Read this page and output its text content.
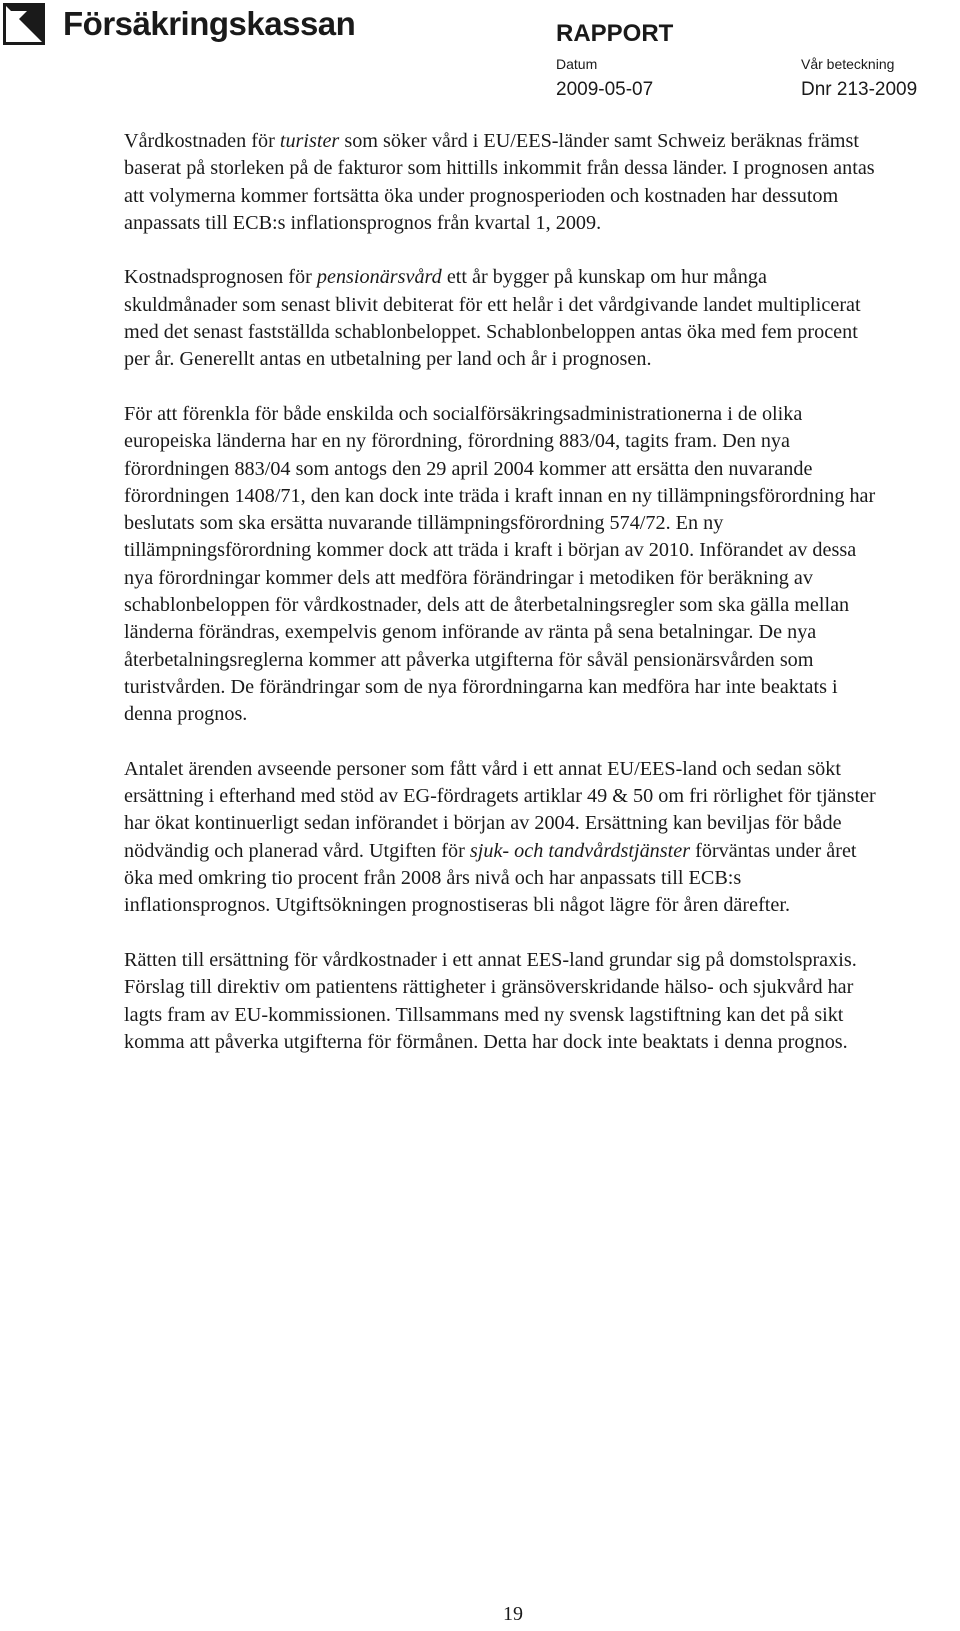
Försäkringskassan	RAPPORT
Datum
2009-05-07
Vår beteckning
Dnr 213-2009

Vårdkostnaden för turister som söker vård i EU/EES-länder samt Schweiz beräknas främst baserat på storleken på de fakturor som hittills inkommit från dessa länder. I prognosen antas att volymerna kommer fortsätta öka under prognosperioden och kostnaden har dessutom anpassats till ECB:s inflationsprognos från kvartal 1, 2009.

Kostnadsprognosen för pensionärsvård ett år bygger på kunskap om hur många skuldmånader som senast blivit debiterat för ett helår i det vårdgivande landet multiplicerat med det senast fastställda schablonbeloppet. Schablonbeloppen antas öka med fem procent per år. Generellt antas en utbetalning per land och år i prognosen.

För att förenkla för både enskilda och socialförsäkringsadministrationerna i de olika europeiska länderna har en ny förordning, förordning 883/04, tagits fram. Den nya förordningen 883/04 som antogs den 29 april 2004 kommer att ersätta den nuvarande förordningen 1408/71, den kan dock inte träda i kraft innan en ny tillämpningsförordning har beslutats som ska ersätta nuvarande tillämpningsförordning 574/72. En ny tillämpningsförordning kommer dock att träda i kraft i början av 2010. Införandet av dessa nya förordningar kommer dels att medföra förändringar i metodiken för beräkning av schablonbeloppen för vårdkostnader, dels att de återbetalningsregler som ska gälla mellan länderna förändras, exempelvis genom införande av ränta på sena betalningar. De nya återbetalningsreglerna kommer att påverka utgifterna för såväl pensionärsvården som turistvården. De förändringar som de nya förordningarna kan medföra har inte beaktats i denna prognos.

Antalet ärenden avseende personer som fått vård i ett annat EU/EES-land och sedan sökt ersättning i efterhand med stöd av EG-fördragets artiklar 49 & 50 om fri rörlighet för tjänster har ökat kontinuerligt sedan införandet i början av 2004. Ersättning kan beviljas för både nödvändig och planerad vård. Utgiften för sjuk- och tandvårdstjänster förväntas under året öka med omkring tio procent från 2008 års nivå och har anpassats till ECB:s inflationsprognos. Utgiftsökningen prognostiseras bli något lägre för åren därefter.

Rätten till ersättning för vårdkostnader i ett annat EES-land grundar sig på domstolspraxis. Förslag till direktiv om patientens rättigheter i gränsöverskridande hälso- och sjukvård har lagts fram av EU-kommissionen. Tillsammans med ny svensk lagstiftning kan det på sikt komma att påverka utgifterna för förmånen. Detta har dock inte beaktats i denna prognos.

19
